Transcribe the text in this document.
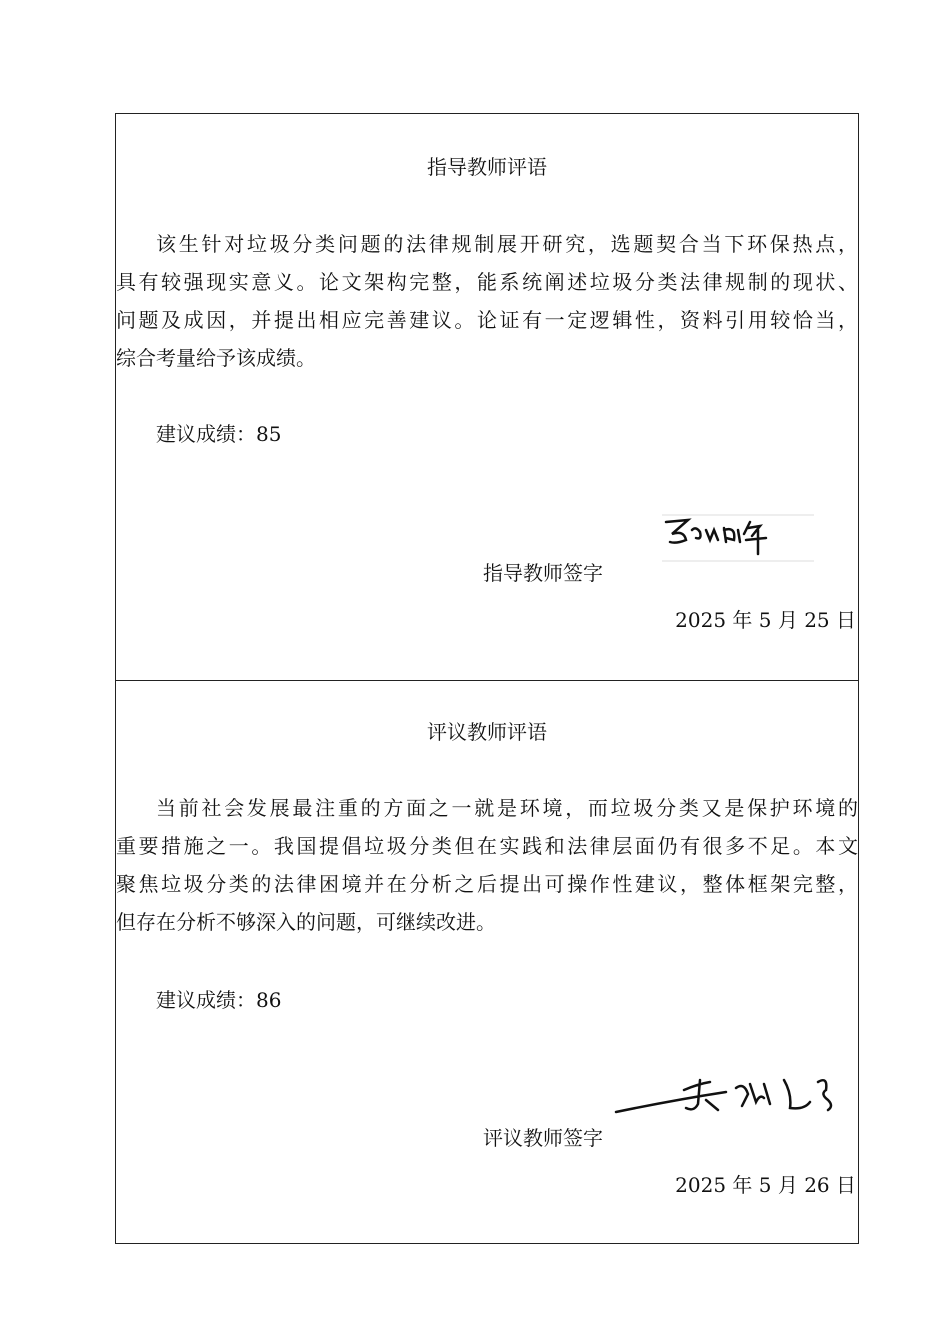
指导教师评语
该生针对垃圾分类问题的法律规制展开研究，选题契合当下环保热点，
具有较强现实意义。论文架构完整，能系统阐述垃圾分类法律规制的现状、
问题及成因，并提出相应完善建议。论证有一定逻辑性，资料引用较恰当，
综合考量给予该成绩。
建议成绩：85
指导教师签字
2025 年 5 月 25 日
评议教师评语
当前社会发展最注重的方面之一就是环境，而垃圾分类又是保护环境的
重要措施之一。我国提倡垃圾分类但在实践和法律层面仍有很多不足。本文
聚焦垃圾分类的法律困境并在分析之后提出可操作性建议，整体框架完整，
但存在分析不够深入的问题，可继续改进。
建议成绩：86
评议教师签字
2025 年 5 月 26 日
